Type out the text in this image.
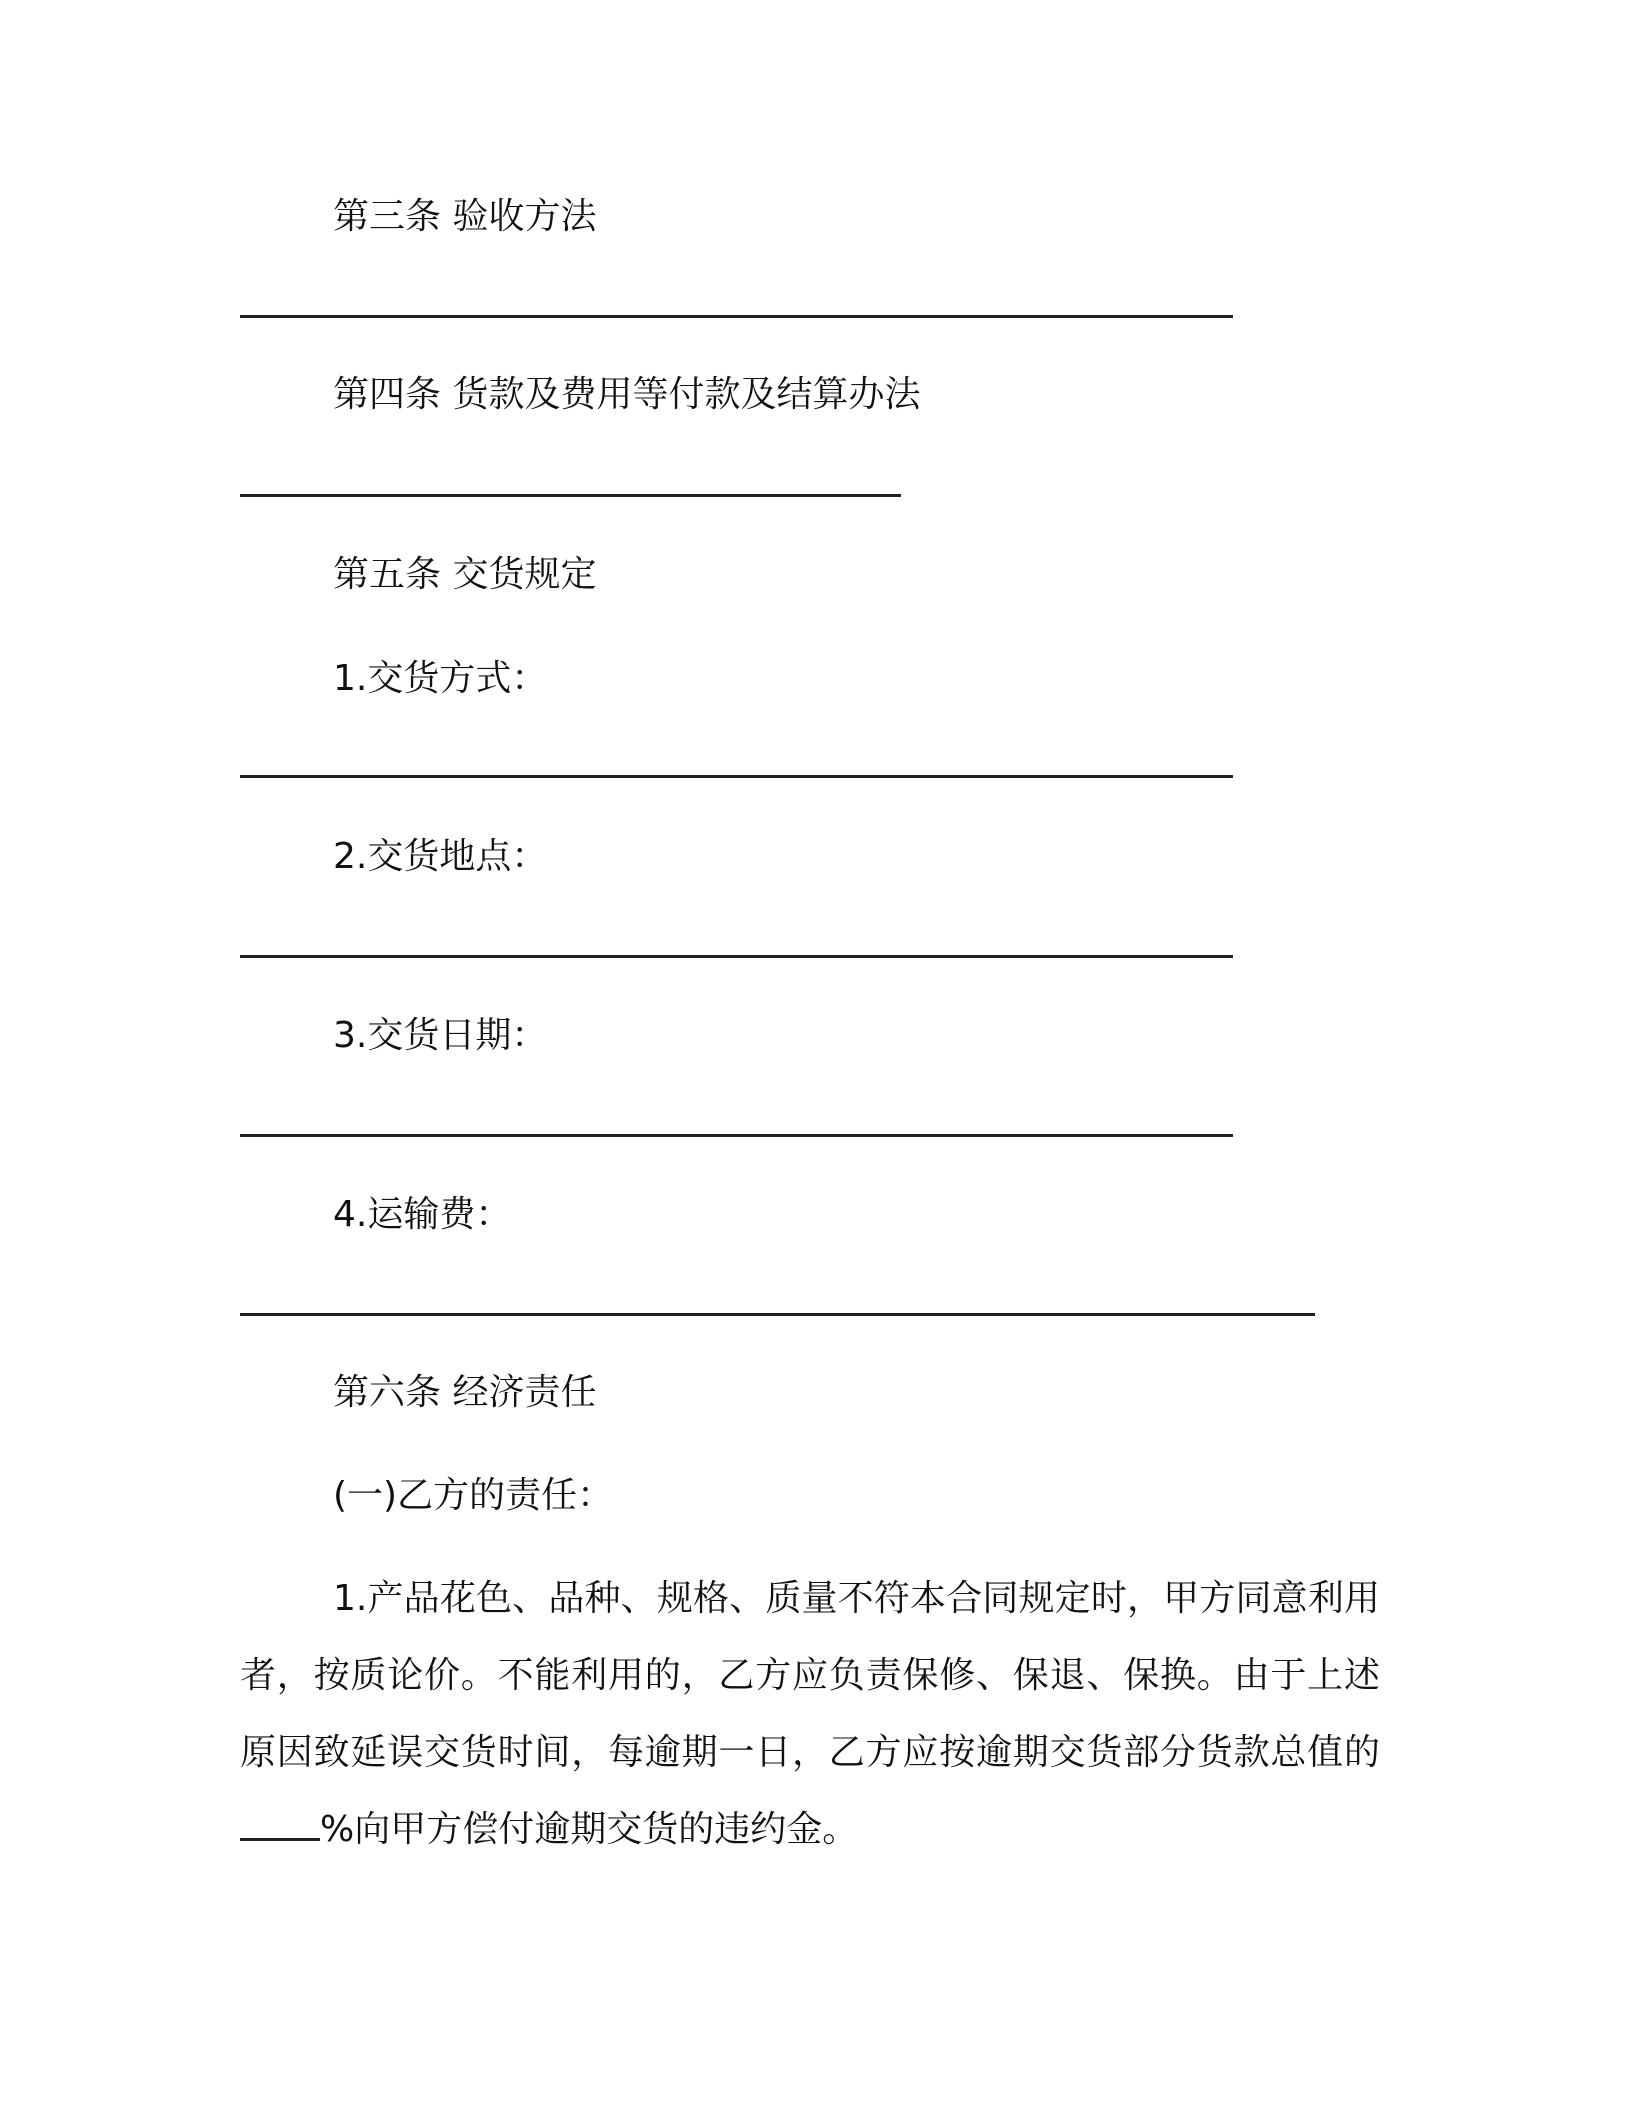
第三条 验收方法
第四条 货款及费用等付款及结算办法
第五条 交货规定
1.交货方式：
2.交货地点：
3.交货日期：
4.运输费：
第六条 经济责任
(一)乙方的责任：
1.产品花色、品种、规格、质量不符本合同规定时，甲方同意利用者，按质论价。不能利用的，乙方应负责保修、保退、保换。由于上述原因致延误交货时间，每逾期一日，乙方应按逾期交货部分货款总值的%向甲方偿付逾期交货的违约金。
